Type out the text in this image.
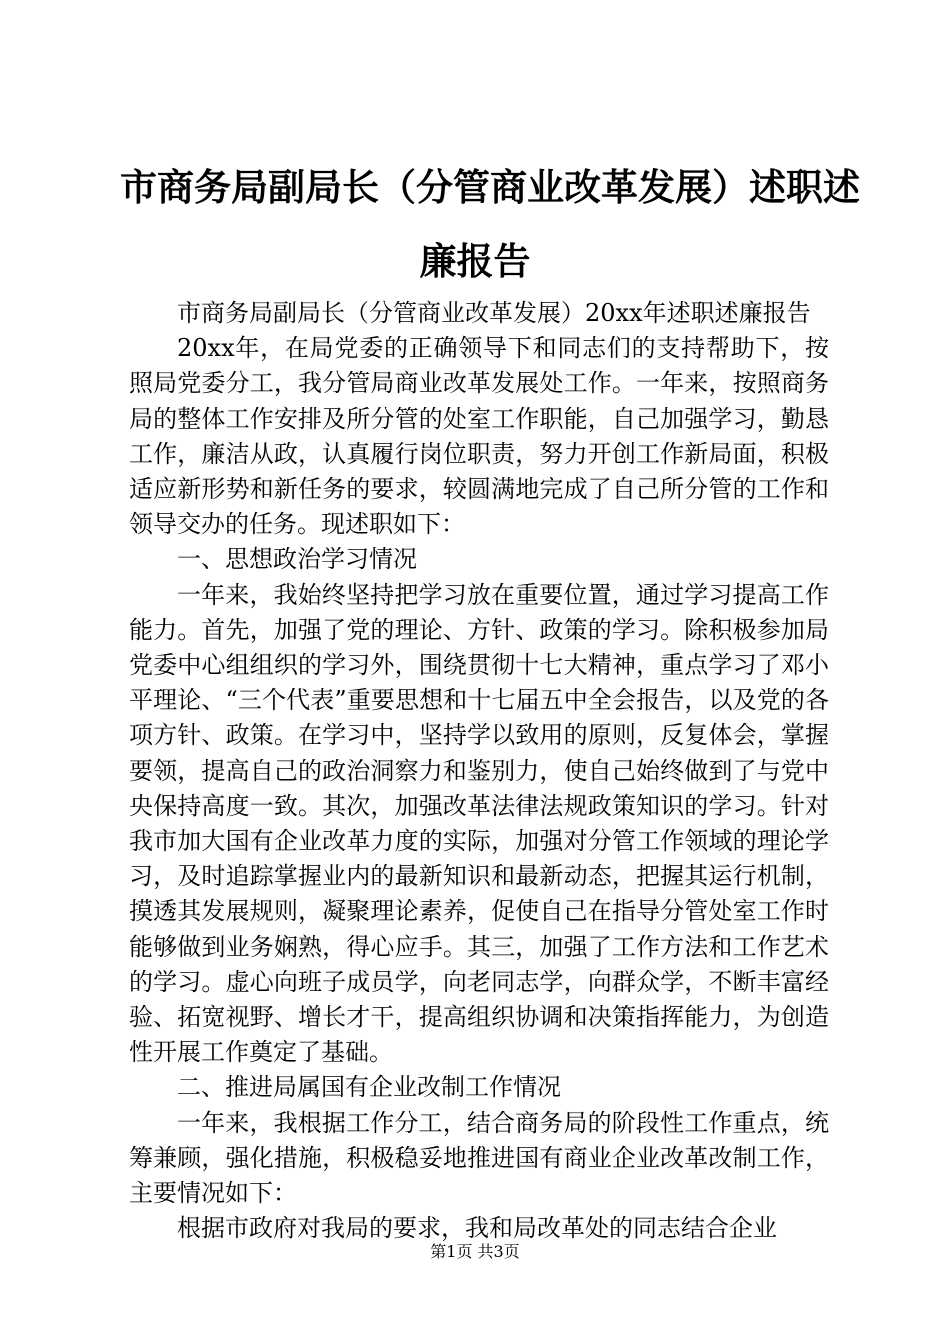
市商务局副局长（分管商业改革发展）述职述
廉报告

市商务局副局长（分管商业改革发展）20xx年述职述廉报告

20xx年，在局党委的正确领导下和同志们的支持帮助下，按照局党委分工，我分管局商业改革发展处工作。一年来，按照商务局的整体工作安排及所分管的处室工作职能，自己加强学习，勤恳工作，廉洁从政，认真履行岗位职责，努力开创工作新局面，积极适应新形势和新任务的要求，较圆满地完成了自己所分管的工作和领导交办的任务。现述职如下：

一、思想政治学习情况

一年来，我始终坚持把学习放在重要位置，通过学习提高工作能力。首先，加强了党的理论、方针、政策的学习。除积极参加局党委中心组组织的学习外，围绕贯彻十七大精神，重点学习了邓小平理论、“三个代表”重要思想和十七届五中全会报告，以及党的各项方针、政策。在学习中，坚持学以致用的原则，反复体会，掌握要领，提高自己的政治洞察力和鉴别力，使自己始终做到了与党中央保持高度一致。其次，加强改革法律法规政策知识的学习。针对我市加大国有企业改革力度的实际，加强对分管工作领域的理论学习，及时追踪掌握业内的最新知识和最新动态，把握其运行机制，摸透其发展规则，凝聚理论素养，促使自己在指导分管处室工作时能够做到业务娴熟，得心应手。其三，加强了工作方法和工作艺术的学习。虚心向班子成员学，向老同志学，向群众学，不断丰富经验、拓宽视野、增长才干，提高组织协调和决策指挥能力，为创造性开展工作奠定了基础。

二、推进局属国有企业改制工作情况

一年来，我根据工作分工，结合商务局的阶段性工作重点，统筹兼顾，强化措施，积极稳妥地推进国有商业企业改革改制工作，主要情况如下：

根据市政府对我局的要求，我和局改革处的同志结合企业

第1页 共3页
